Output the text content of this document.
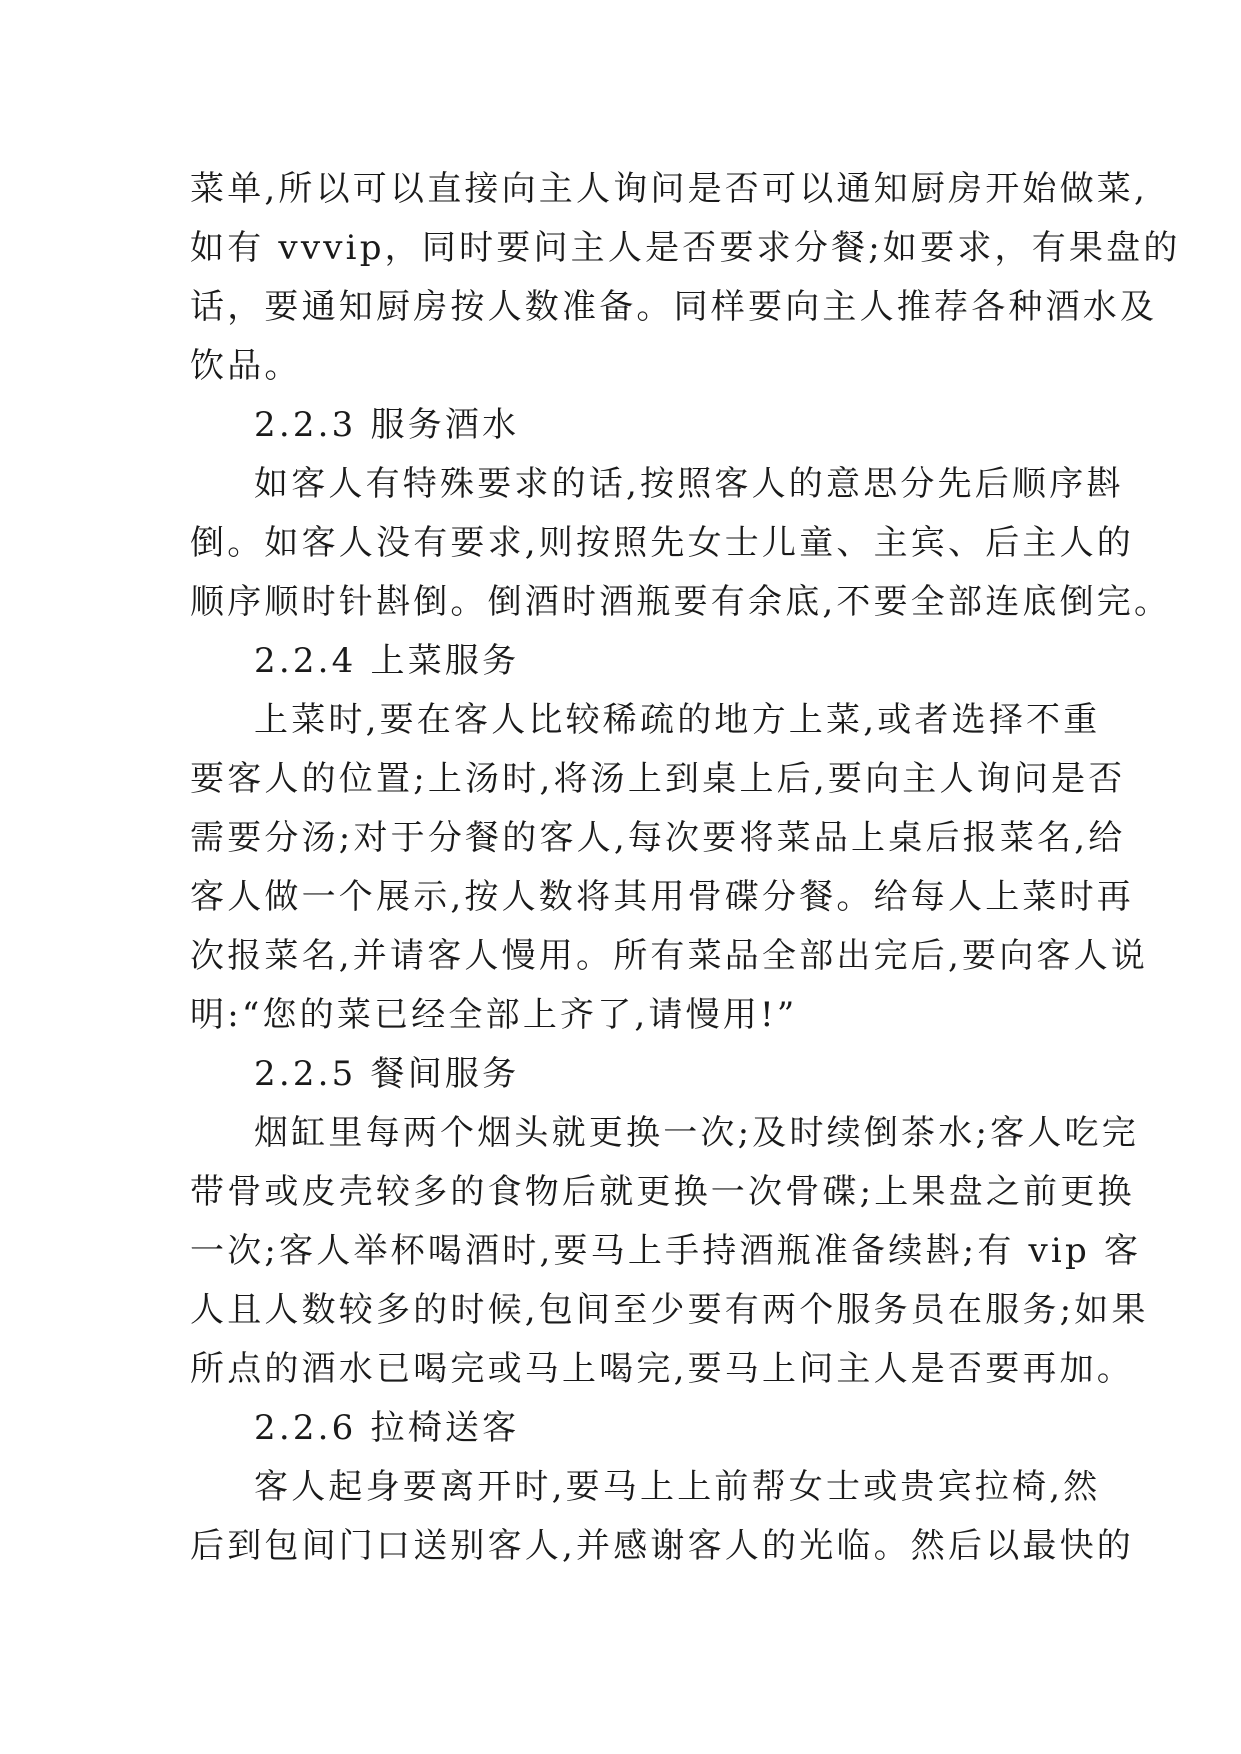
菜单,所以可以直接向主人询问是否可以通知厨房开始做菜,
如有 vvvip，同时要问主人是否要求分餐;如要求，有果盘的
话，要通知厨房按人数准备。同样要向主人推荐各种酒水及
饮品。
2.2.3 服务酒水
如客人有特殊要求的话,按照客人的意思分先后顺序斟
倒。如客人没有要求,则按照先女士儿童、主宾、后主人的
顺序顺时针斟倒。倒酒时酒瓶要有余底,不要全部连底倒完。
2.2.4 上菜服务
上菜时,要在客人比较稀疏的地方上菜,或者选择不重
要客人的位置;上汤时,将汤上到桌上后,要向主人询问是否
需要分汤;对于分餐的客人,每次要将菜品上桌后报菜名,给
客人做一个展示,按人数将其用骨碟分餐。给每人上菜时再
次报菜名,并请客人慢用。所有菜品全部出完后,要向客人说
明:“您的菜已经全部上齐了,请慢用!”
2.2.5 餐间服务
烟缸里每两个烟头就更换一次;及时续倒茶水;客人吃完
带骨或皮壳较多的食物后就更换一次骨碟;上果盘之前更换
一次;客人举杯喝酒时,要马上手持酒瓶准备续斟;有 vip 客
人且人数较多的时候,包间至少要有两个服务员在服务;如果
所点的酒水已喝完或马上喝完,要马上问主人是否要再加。
2.2.6 拉椅送客
客人起身要离开时,要马上上前帮女士或贵宾拉椅,然
后到包间门口送别客人,并感谢客人的光临。然后以最快的
